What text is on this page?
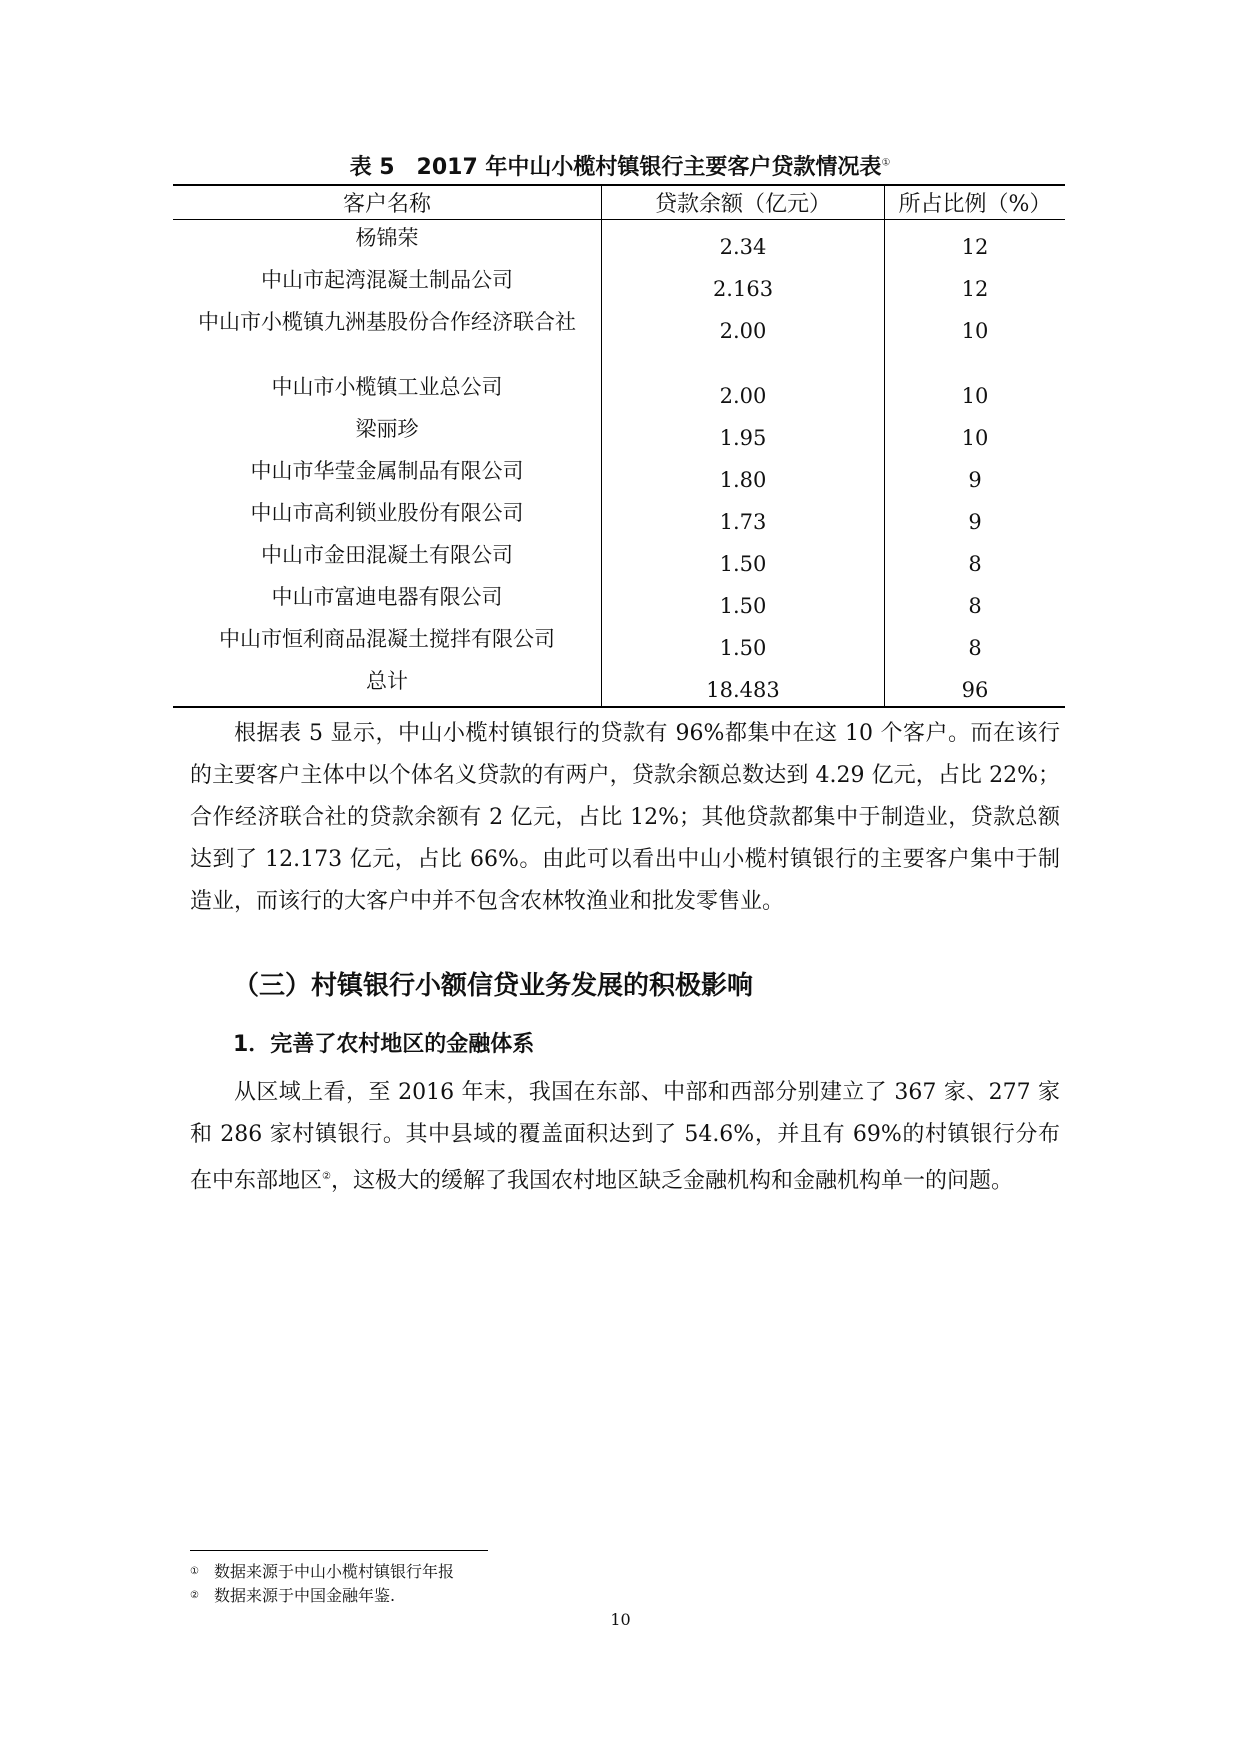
表 5　2017 年中山小榄村镇银行主要客户贷款情况表①
客户名称	贷款余额（亿元）	所占比例（%）
杨锦荣	2.34	12
中山市起湾混凝土制品公司	2.163	12
中山市小榄镇九洲基股份合作经济联合社	2.00	10
中山市小榄镇工业总公司	2.00	10
梁丽珍	1.95	10
中山市华莹金属制品有限公司	1.80	9
中山市高利锁业股份有限公司	1.73	9
中山市金田混凝土有限公司	1.50	8
中山市富迪电器有限公司	1.50	8
中山市恒利商品混凝土搅拌有限公司	1.50	8
总计	18.483	96

根据表 5 显示，中山小榄村镇银行的贷款有 96%都集中在这 10 个客户。而在该行的主要客户主体中以个体名义贷款的有两户，贷款余额总数达到 4.29 亿元，占比 22%；合作经济联合社的贷款余额有 2 亿元，占比 12%；其他贷款都集中于制造业，贷款总额达到了 12.173 亿元，占比 66%。由此可以看出中山小榄村镇银行的主要客户集中于制造业，而该行的大客户中并不包含农林牧渔业和批发零售业。

（三）村镇银行小额信贷业务发展的积极影响
1．完善了农村地区的金融体系

从区域上看，至 2016 年末，我国在东部、中部和西部分别建立了 367 家、277 家和 286 家村镇银行。其中县域的覆盖面积达到了 54.6%，并且有 69%的村镇银行分布在中东部地区②，这极大的缓解了我国农村地区缺乏金融机构和金融机构单一的问题。

① 数据来源于中山小榄村镇银行年报
② 数据来源于中国金融年鉴.
10
